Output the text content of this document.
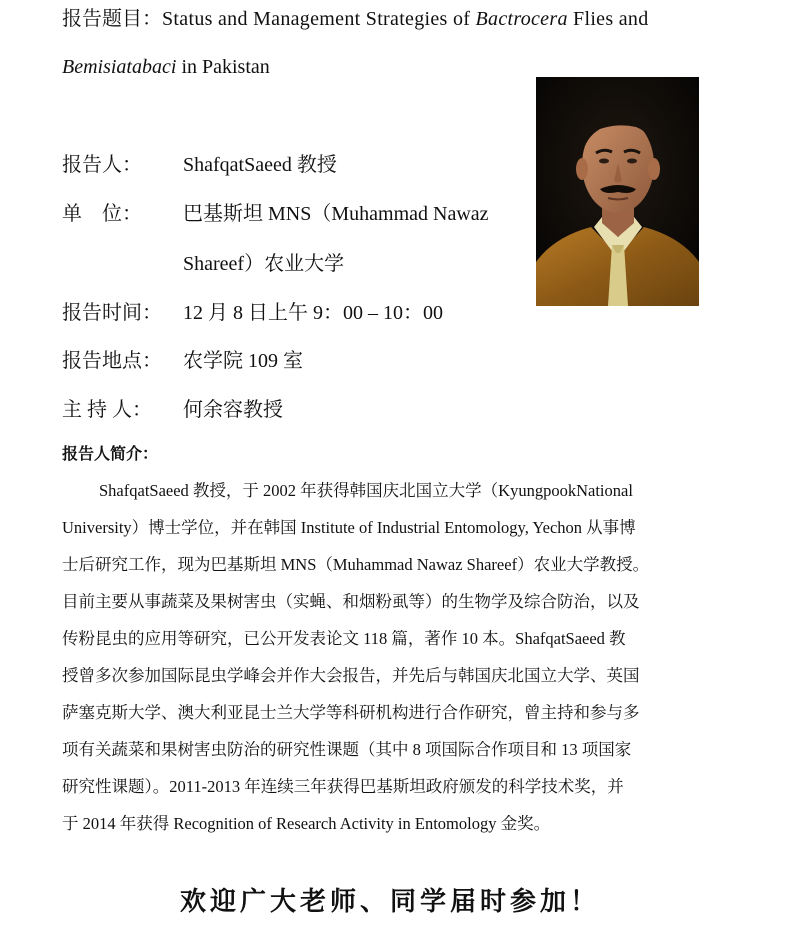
报告题目：Status and Management Strategies of Bactrocera Flies and
Bemisiatabaci in Pakistan
报告人： ShafqatSaeed 教授
单　位： 巴基斯坦 MNS（Muhammad Nawaz
Shareef）农业大学
报告时间： 12 月 8 日上午 9：00 – 10：00
报告地点： 农学院 109 室
主 持 人： 何余容教授
报告人简介：
ShafqatSaeed 教授，于 2002 年获得韩国庆北国立大学（KyungpookNational
University）博士学位，并在韩国 Institute of Industrial Entomology, Yechon 从事博
士后研究工作，现为巴基斯坦 MNS（Muhammad Nawaz Shareef）农业大学教授。
目前主要从事蔬菜及果树害虫（实蝇、和烟粉虱等）的生物学及综合防治，以及
传粉昆虫的应用等研究，已公开发表论文 118 篇，著作 10 本。ShafqatSaeed 教
授曾多次参加国际昆虫学峰会并作大会报告，并先后与韩国庆北国立大学、英国
萨塞克斯大学、澳大利亚昆士兰大学等科研机构进行合作研究，曾主持和参与多
项有关蔬菜和果树害虫防治的研究性课题（其中 8 项国际合作项目和 13 项国家
研究性课题）。2011-2013 年连续三年获得巴基斯坦政府颁发的科学技术奖，并
于 2014 年获得 Recognition of Research Activity in Entomology 金奖。
欢迎广大老师、同学届时参加！
